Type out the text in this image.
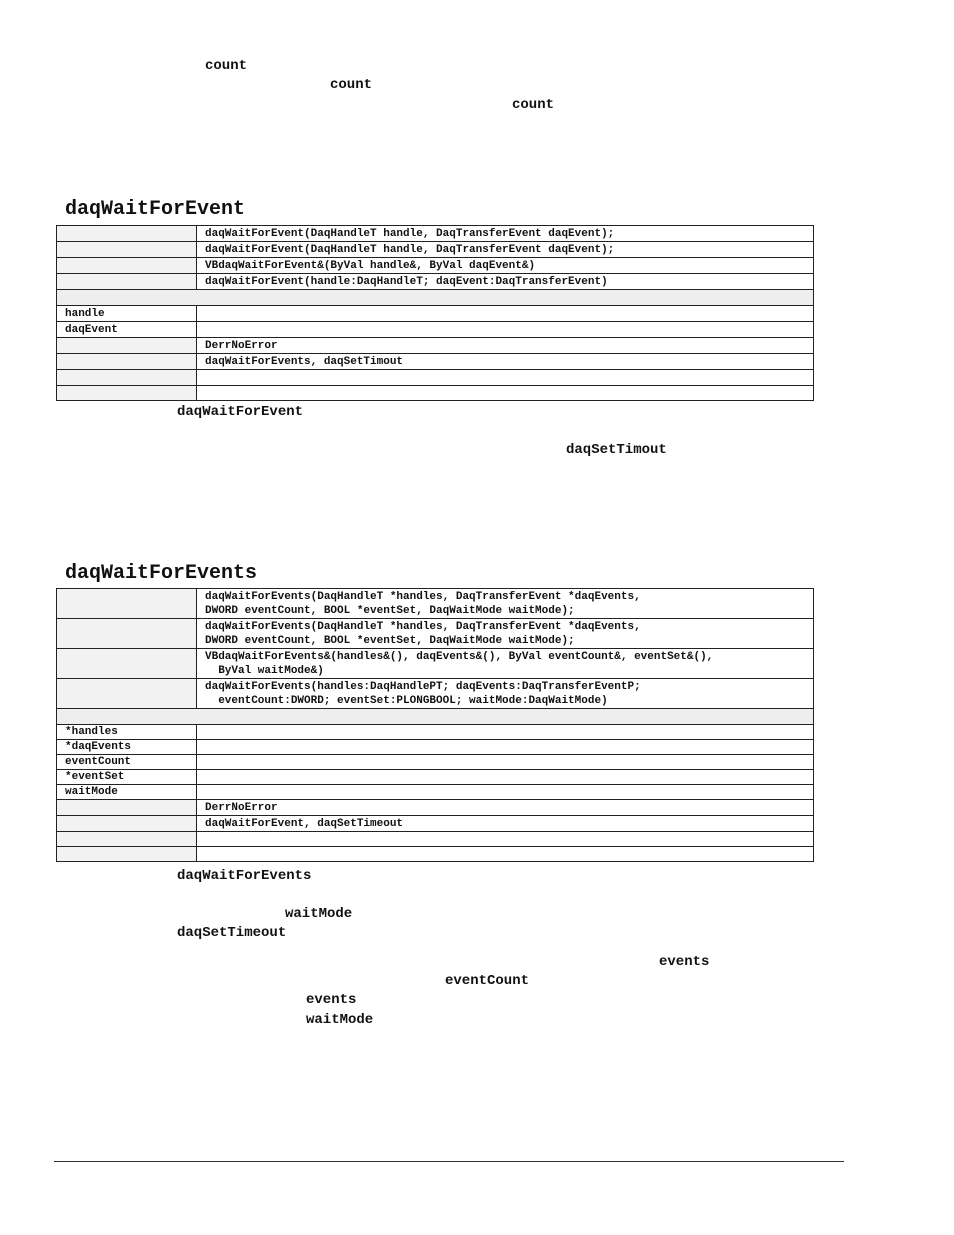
count
count
count
daqWaitForEvent
	daqWaitForEvent(DaqHandleT handle, DaqTransferEvent daqEvent);
	daqWaitForEvent(DaqHandleT handle, DaqTransferEvent daqEvent);
	VBdaqWaitForEvent&(ByVal handle&, ByVal daqEvent&)
	daqWaitForEvent(handle:DaqHandleT; daqEvent:DaqTransferEvent)

handle	
daqEvent	
	DerrNoError
	daqWaitForEvents, daqSetTimout

daqWaitForEvent
daqSetTimout
daqWaitForEvents
	daqWaitForEvents(DaqHandleT *handles, DaqTransferEvent *daqEvents,
DWORD eventCount, BOOL *eventSet, DaqWaitMode waitMode);
	daqWaitForEvents(DaqHandleT *handles, DaqTransferEvent *daqEvents,
DWORD eventCount, BOOL *eventSet, DaqWaitMode waitMode);
	VBdaqWaitForEvents&(handles&(), daqEvents&(), ByVal eventCount&, eventSet&(),
ByVal waitMode&)
	daqWaitForEvents(handles:DaqHandlePT; daqEvents:DaqTransferEventP;
eventCount:DWORD; eventSet:PLONGBOOL; waitMode:DaqWaitMode)

*handles	
*daqEvents	
eventCount	
*eventSet	
waitMode	
	DerrNoError
	daqWaitForEvent, daqSetTimeout

daqWaitForEvents
waitMode
daqSetTimeout
events
eventCount
events
waitMode
